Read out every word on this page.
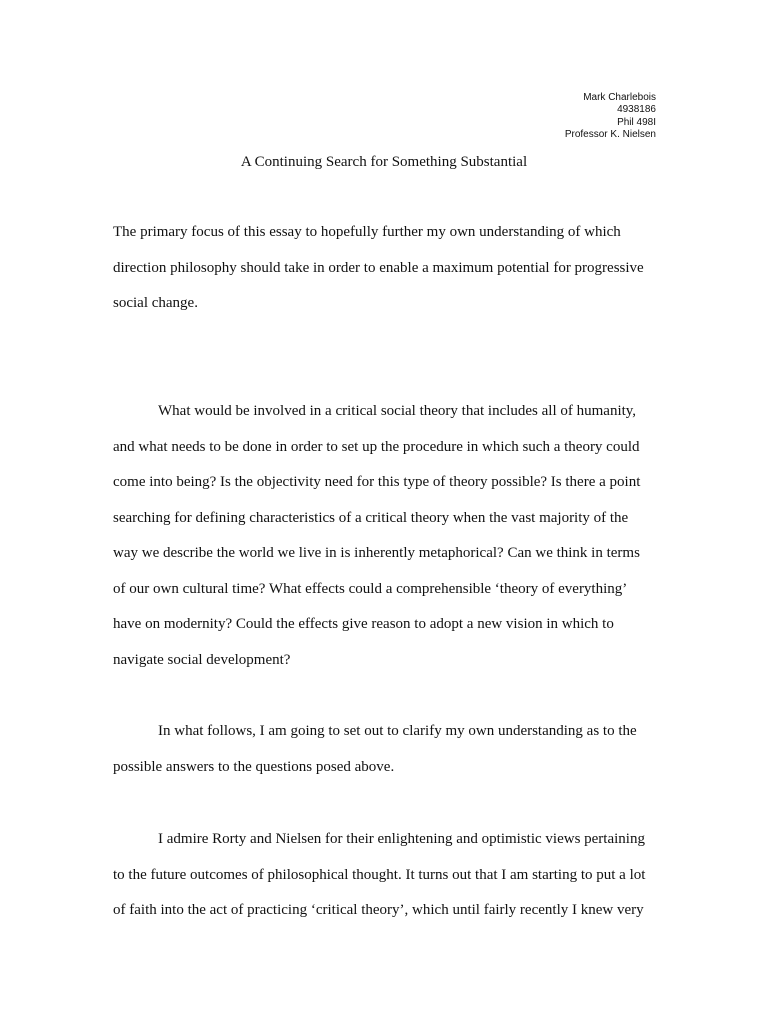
Mark Charlebois
4938186
Phil 498I
Professor K. Nielsen
A Continuing Search for Something Substantial
The primary focus of this essay to hopefully further my own understanding of which
direction philosophy should take in order to enable a maximum potential for progressive
social change.
What would be involved in a critical social theory that includes all of humanity,
and what needs to be done in order to set up the procedure in which such a theory could
come into being? Is the objectivity need for this type of theory possible? Is there a point
searching for defining characteristics of a critical theory when the vast majority of the
way we describe the world we live in is inherently metaphorical? Can we think in terms
of our own cultural time? What effects could a comprehensible ‘theory of everything’
have on modernity? Could the effects give reason to adopt a new vision in which to
navigate social development?
In what follows, I am going to set out to clarify my own understanding as to the
possible answers to the questions posed above.
I admire Rorty and Nielsen for their enlightening and optimistic views pertaining
to the future outcomes of philosophical thought. It turns out that I am starting to put a lot
of faith into the act of practicing ‘critical theory’, which until fairly recently I knew very
